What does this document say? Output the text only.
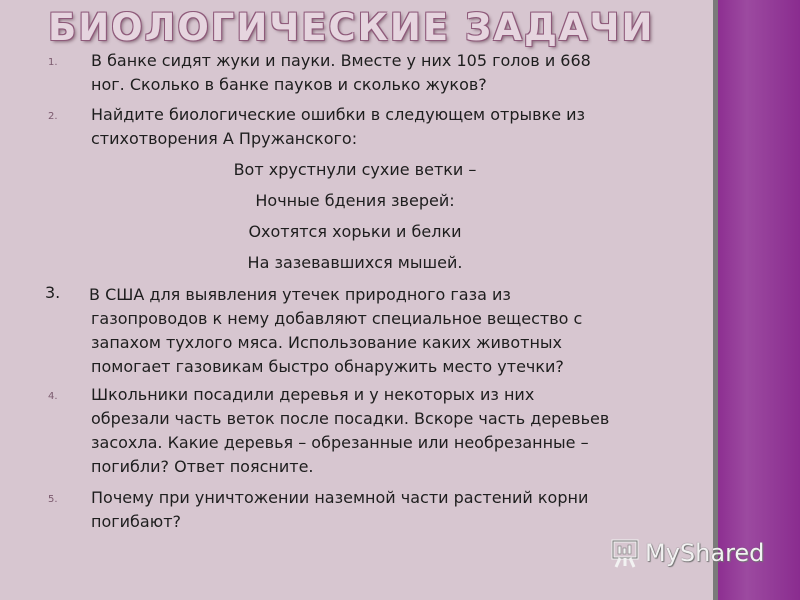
БИОЛОГИЧЕСКИЕ ЗАДАЧИ
1. В банке сидят жуки и пауки. Вместе у них 105 голов и 668
ног. Сколько в банке пауков и сколько жуков?
2. Найдите биологические ошибки в следующем отрывке из
стихотворения А Пружанского:
Вот хрустнули сухие ветки –
Ночные бдения зверей:
Охотятся хорьки и белки
На зазевавшихся мышей.
3. В США для выявления утечек природного газа из
газопроводов к нему добавляют специальное вещество с
запахом тухлого мяса. Использование каких животных
помогает газовикам быстро обнаружить место утечки?
4. Школьники посадили деревья и у некоторых из них
обрезали часть веток после посадки. Вскоре часть деревьев
засохла. Какие деревья – обрезанные или необрезанные –
погибли? Ответ поясните.
5. Почему при уничтожении наземной части растений корни
погибают?
MyShared
